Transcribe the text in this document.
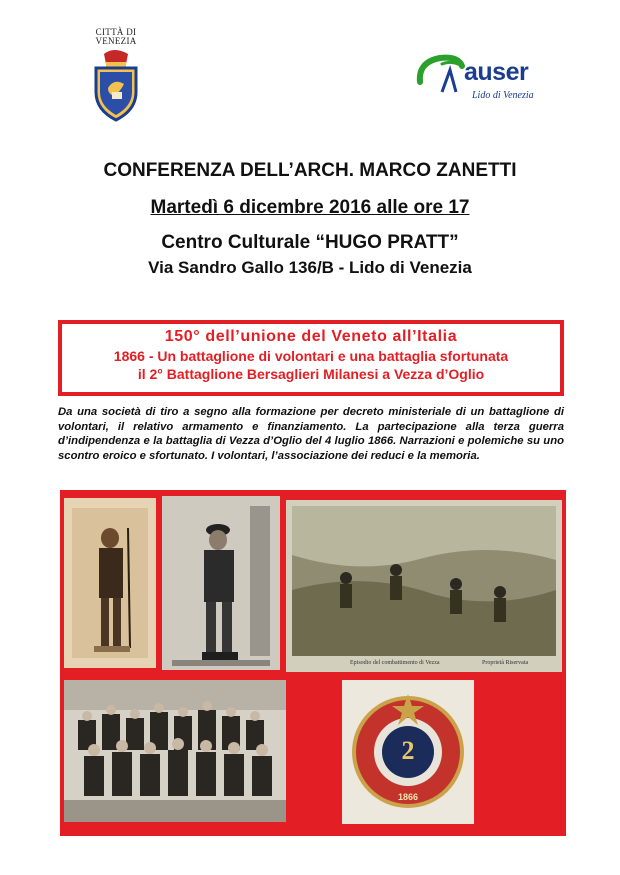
CITTÀ DI
VENEZIA
auser
Lido di Venezia
CONFERENZA DELL’ARCH. MARCO ZANETTI
Martedì 6 dicembre 2016 alle ore 17
Centro Culturale “HUGO PRATT”
Via Sandro Gallo 136/B - Lido di Venezia
150° dell’unione del Veneto all’Italia
1866 - Un battaglione di volontari e una battaglia sfortunata
il 2° Battaglione Bersaglieri Milanesi a Vezza d’Oglio
Da una società di tiro a segno alla formazione per decreto ministeriale di un battaglione di volontari, il relativo armamento e finanziamento. La partecipazione alla terza guerra d’indipendenza e la battaglia di Vezza d’Oglio del 4 luglio 1866. Narrazioni e polemiche su uno scontro eroico e sfortunato. I volontari, l’associazione dei reduci e la memoria.
Episodio del combattimento di Vezza	Proprietà Riservata
2
1866
